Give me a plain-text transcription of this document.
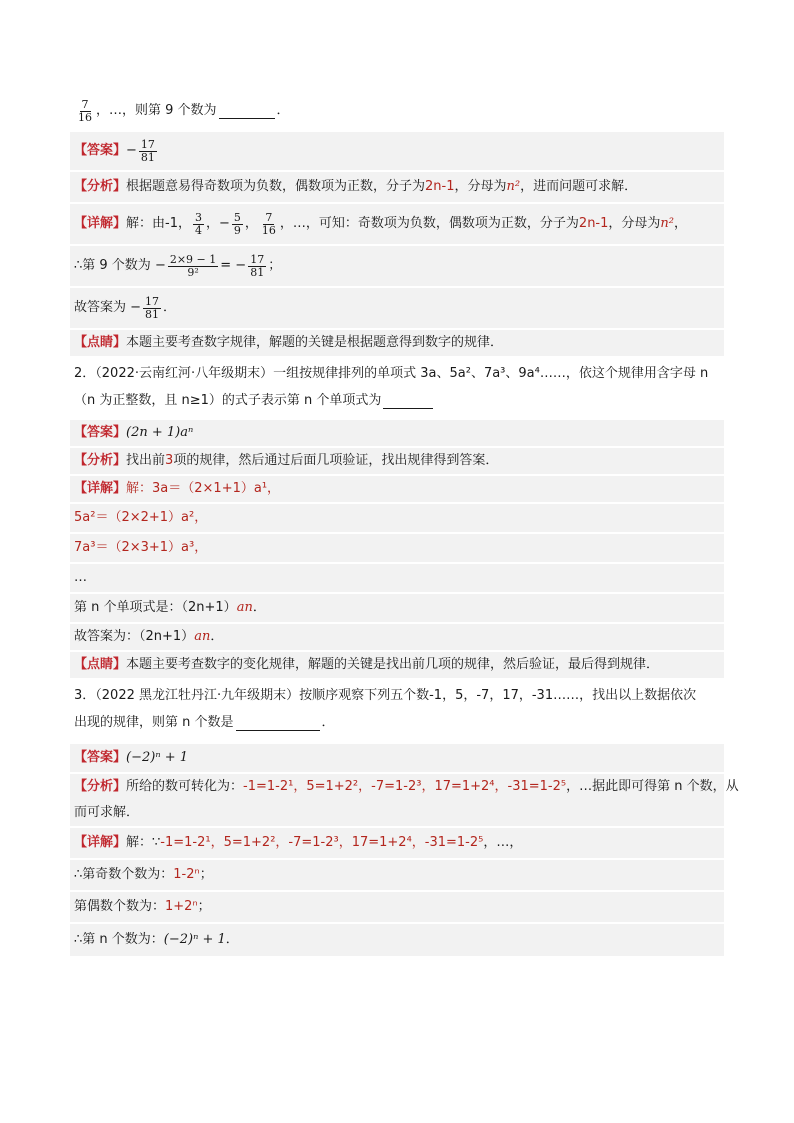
$\frac{7}{16}$ ，…，则第 9 个数为	．
【答案】 − $\frac{17}{81}$
【分析】 根据题意易得奇数项为负数，偶数项为正数，分子为 2n-1 ，分母为 n² ，进而问题可求解．
【详解】 解：由-1， $\frac{3}{4}$ ，− $\frac{5}{9}$ ， $\frac{7}{16}$ ，…，可知：奇数项为负数，偶数项为正数，分子为 2n-1 ，分母为 n² ，
∴第 9 个数为 − $\frac{2\times 9 - 1}{\text{9²}}$ = − $\frac{17}{81}$ ；
故答案为 − $\frac{17}{81}$ ．
【点睛】 本题主要考查数字规律，解题的关键是根据题意得到数字的规律．
2．（2022·云南红河·八年级期末）一组按规律排列的单项式 3a、5a²、7a³、9a⁴……，依这个规律用含字母 n
（n 为正整数，且 n≥1）的式子表示第 n 个单项式为
【答案】 (2n + 1)aⁿ
【分析】 找出前 3 项的规律，然后通过后面几项验证，找出规律得到答案．
【详解】 解：3a＝（2×1+1）a¹，
5a²＝（2×2+1）a²，
7a³＝（2×3+1）a³，
…
第 n 个单项式是：（2n+1） an ．
故答案为：（2n+1） an ．
【点睛】 本题主要考查数字的变化规律，解题的关键是找出前几项的规律，然后验证，最后得到规律．
3．（2022 黑龙江牡丹江·九年级期末）按顺序观察下列五个数-1，5，-7，17，-31……，找出以上数据依次
出现的规律，则第 n 个数是	．
【答案】 (−2)ⁿ + 1
【分析】 所给的数可转化为： -1=1-2¹，5=1+2²，-7=1-2³，17=1+2⁴，-31=1-2⁵ ，…据此即可得第 n 个数，从
而可求解．
【详解】 解：∵ -1=1-2¹，5=1+2²，-7=1-2³，17=1+2⁴，-31=1-2⁵ ，…，
∴第奇数个数为： 1-2ⁿ ；
第偶数个数为： 1+2ⁿ ；
∴第 n 个数为： (−2)ⁿ + 1 ．
